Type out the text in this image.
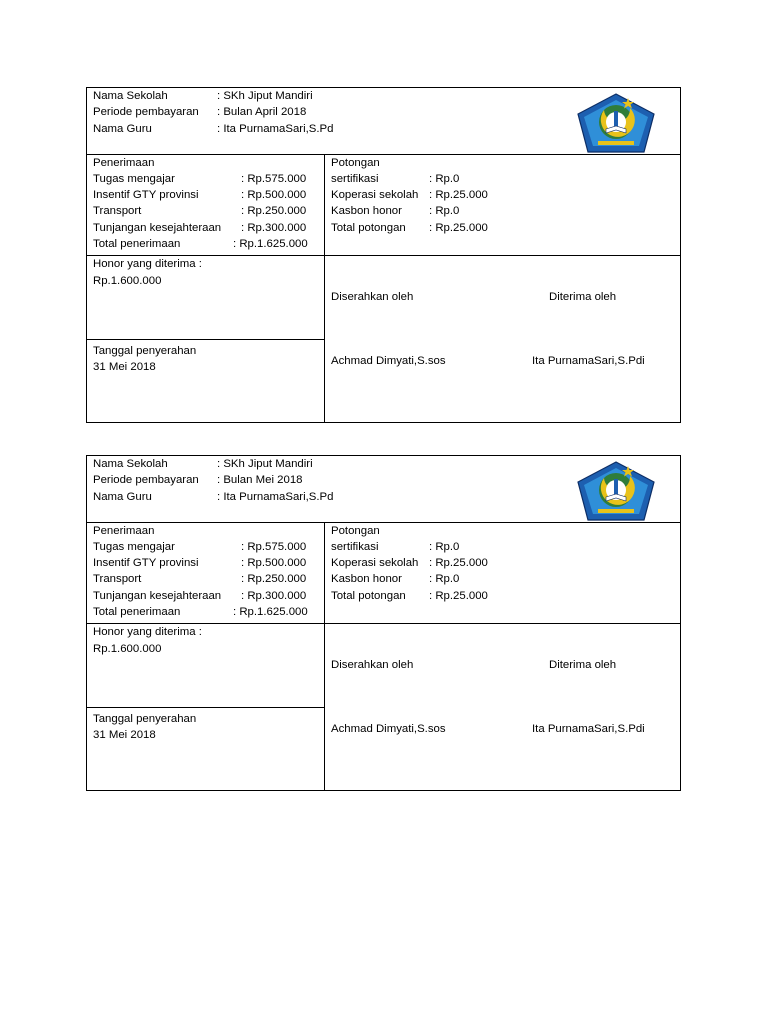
Nama Sekolah	: SKh Jiput Mandiri
Periode pembayaran : Bulan April 2018
Nama Guru	: Ita PurnamaSari,S.Pd
Penerimaan
Tugas mengajar	: Rp.575.000
Insentif GTY provinsi	: Rp.500.000
Transport	: Rp.250.000
Tunjangan kesejahteraan : Rp.300.000
Total penerimaan	: Rp.1.625.000
Potongan
sertifikasi	: Rp.0
Koperasi sekolah : Rp.25.000
Kasbon honor : Rp.0
Total potongan : Rp.25.000
Honor yang diterima :
Rp.1.600.000
Tanggal penyerahan
31 Mei 2018
Diserahkan oleh	Diterima oleh
Achmad Dimyati,S.sos	Ita PurnamaSari,S.Pdi
Nama Sekolah	: SKh Jiput Mandiri
Periode pembayaran : Bulan Mei 2018
Nama Guru	: Ita PurnamaSari,S.Pd
Penerimaan
Tugas mengajar	: Rp.575.000
Insentif GTY provinsi	: Rp.500.000
Transport	: Rp.250.000
Tunjangan kesejahteraan : Rp.300.000
Total penerimaan	: Rp.1.625.000
Potongan
sertifikasi	: Rp.0
Koperasi sekolah : Rp.25.000
Kasbon honor : Rp.0
Total potongan : Rp.25.000
Honor yang diterima :
Rp.1.600.000
Tanggal penyerahan
31 Mei 2018
Diserahkan oleh	Diterima oleh
Achmad Dimyati,S.sos	Ita PurnamaSari,S.Pdi
